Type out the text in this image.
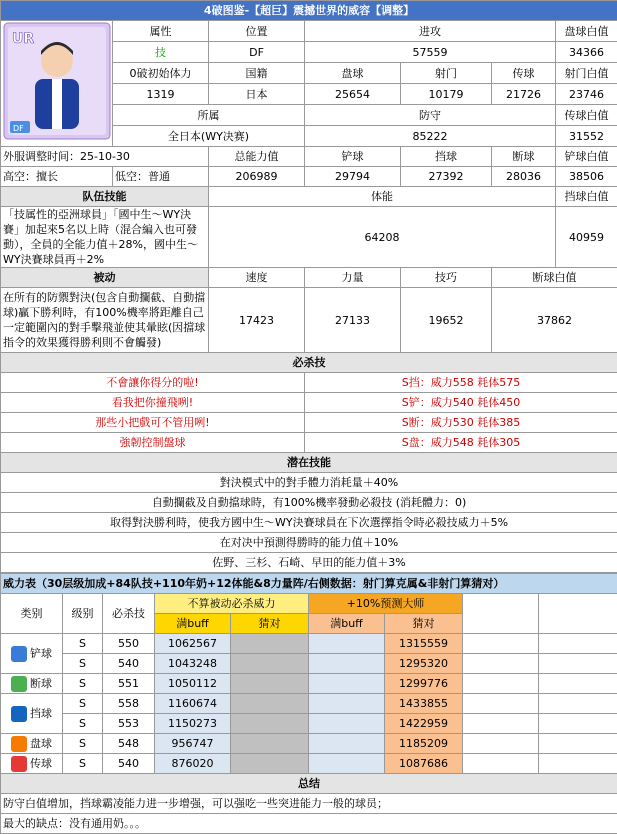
4破图鉴-【超巨】震撼世界的威容【调整】						

UR
DF	属性	位置	进攻			盘球白值
	技	DF	57559			34366
	0破初始体力	国籍	盘球	射门	传球	射门白值
	1319	日本	25654	10179	21726	23746
	所属		防守			传球白值
	全日本(WY决赛)		85222			31552
外服调整时间：25-10-30		总能力值	铲球	挡球	断球	铲球白值
高空：擅长	低空：普通	206989	29794	27392	28036	38506
队伍技能		体能				挡球白值
「技属性的亞洲球員」「國中生～WY決賽」加起來5名以上時（混合編入也可發動），全員的全能力值＋28%，國中生～WY決賽球員再＋2%		64208				40959
被动		速度	力量	技巧	断球白值	
在所有的防禦對決(包含自動攔截、自動擋球)贏下勝利時，有100%機率將距離自己一定範圍內的對手擊飛並使其暈眩(因擋球指令的效果獲得勝利則不會觸發)		17423	27133	19652	37862	
必杀技						
不會讓你得分的啦!			S挡：威力558 耗体575			
看我把你撞飛咧!			S铲：威力540 耗体450			
那些小把戲可不管用咧!			S断：威力530 耗体385			
強韌控制盤球			S盘：威力548 耗体305			
潜在技能						
對決模式中的對手體力消耗量＋40%						
自動攔截及自動擋球時，有100%機率發動必殺技 (消耗體力：0)						
取得對決勝利時，使我方國中生～WY決賽球員在下次選擇指令時必殺技威力＋5%						
在对决中預測得勝時的能力值＋10%						
佐野、三杉、石崎、早田的能力值＋3%						
威力表（30层级加成+84队技+110年奶+12体能&8力量阵/右侧数据：射门算克属&非射门算猜对）								
类别	级别	必杀技	不算被动必杀威力		+10%预测大师			
			满buff	猜对	满buff	猜对		
铲球	S	550	1062567			1315559		
	S	540	1043248			1295320		
断球	S	551	1050112			1299776		
挡球	S	558	1160674			1433855		
	S	553	1150273			1422959		
盘球	S	548	956747			1185209		
传球	S	540	876020			1087686		
总结								
防守白值增加，挡球霸凌能力进一步增强，可以强吃一些突进能力一般的球员；								
最大的缺点：没有通用奶。。。								
